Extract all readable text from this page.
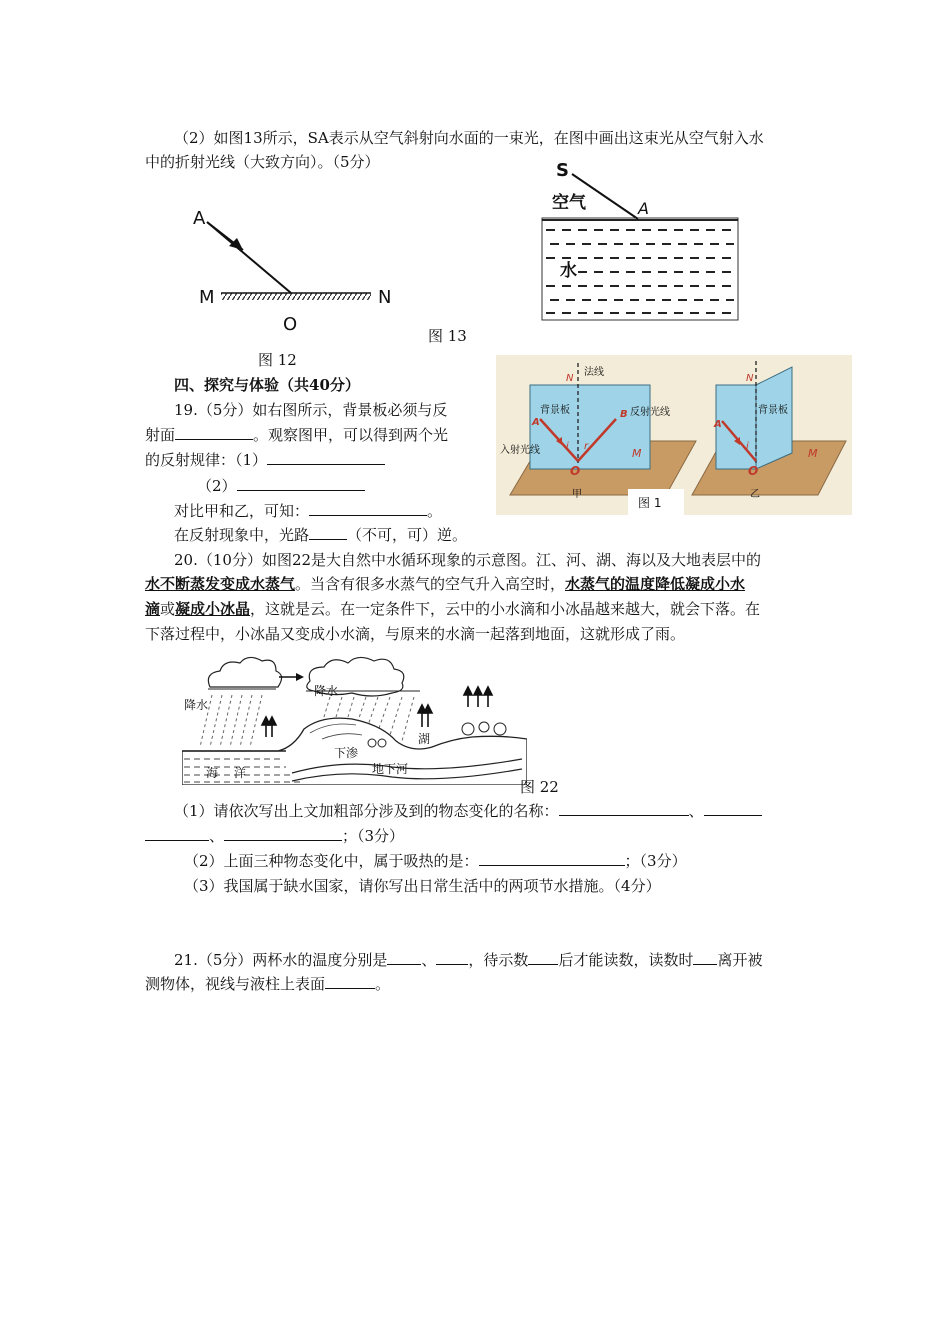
（2）如图13所示，SA表示从空气斜射向水面的一束光，在图中画出这束光从空气射入水
中的折射光线（大致方向）。（5分）
A
M	N
O
图 12
S
A
空气
水
图 13
四、探究与体验（共40分）
19.（5分）如右图所示，背景板必须与反
射面	。观察图甲，可以得到两个光
的反射规律：（1）
（2）
对比甲和乙，可知：	。
在反射现象中，光路	（不可，可）逆。
N
法线
背景板
A
B 反射光线
入射光线	i r
O
M
甲
N
背景板
A
i
O
M
乙
图 1
20.（10分）如图22是大自然中水循环现象的示意图。江、河、湖、海以及大地表层中的
水不断蒸发变成水蒸气。当含有很多水蒸气的空气升入高空时，水蒸气的温度降低凝成小水
滴或凝成小冰晶，这就是云。在一定条件下，云中的小水滴和小冰晶越来越大，就会下落。在
下落过程中，小冰晶又变成小水滴，与原来的水滴一起落到地面，这就形成了雨。
降水
降水
海 洋
下渗
地下河
湖
图 22
（1）请依次写出上文加粗部分涉及到的物态变化的名称：	、
、	；（3分）
（2）上面三种物态变化中，属于吸热的是：	；（3分）
（3）我国属于缺水国家，请你写出日常生活中的两项节水措施。（4分）
21.（5分）两杯水的温度分别是 、 ，待示数 后才能读数，读数时 离开被
测物体，视线与液柱上表面	。
